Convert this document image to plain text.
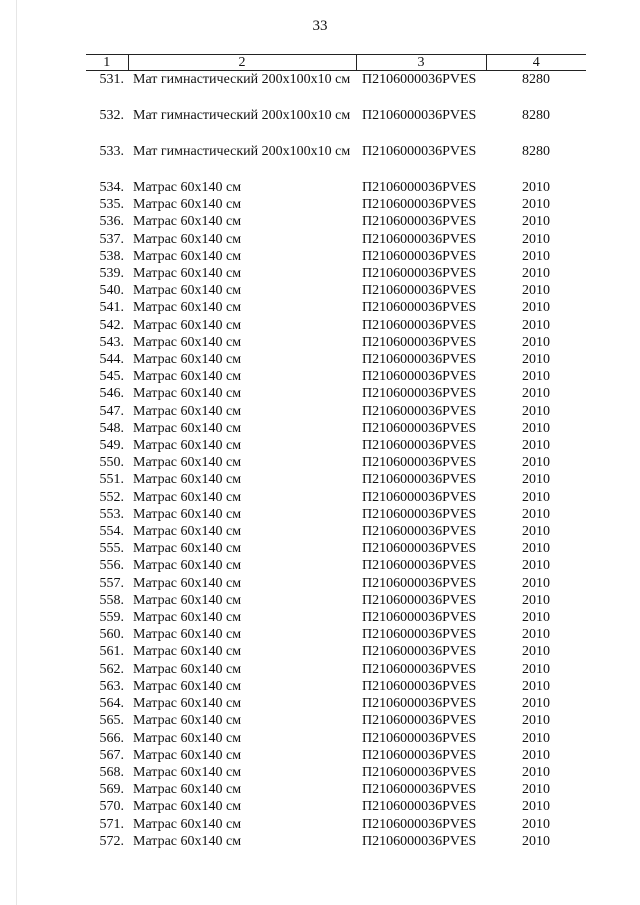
33
1	2	3	4
531.	Мат гимнастический 200х100х10 см	П2106000036PVES	8280
532.	Мат гимнастический 200х100х10 см	П2106000036PVES	8280
533.	Мат гимнастический 200х100х10 см	П2106000036PVES	8280
534.	Матрас 60х140 см	П2106000036PVES	2010
535.	Матрас 60х140 см	П2106000036PVES	2010
536.	Матрас 60х140 см	П2106000036PVES	2010
537.	Матрас 60х140 см	П2106000036PVES	2010
538.	Матрас 60х140 см	П2106000036PVES	2010
539.	Матрас 60х140 см	П2106000036PVES	2010
540.	Матрас 60х140 см	П2106000036PVES	2010
541.	Матрас 60х140 см	П2106000036PVES	2010
542.	Матрас 60х140 см	П2106000036PVES	2010
543.	Матрас 60х140 см	П2106000036PVES	2010
544.	Матрас 60х140 см	П2106000036PVES	2010
545.	Матрас 60х140 см	П2106000036PVES	2010
546.	Матрас 60х140 см	П2106000036PVES	2010
547.	Матрас 60х140 см	П2106000036PVES	2010
548.	Матрас 60х140 см	П2106000036PVES	2010
549.	Матрас 60х140 см	П2106000036PVES	2010
550.	Матрас 60х140 см	П2106000036PVES	2010
551.	Матрас 60х140 см	П2106000036PVES	2010
552.	Матрас 60х140 см	П2106000036PVES	2010
553.	Матрас 60х140 см	П2106000036PVES	2010
554.	Матрас 60х140 см	П2106000036PVES	2010
555.	Матрас 60х140 см	П2106000036PVES	2010
556.	Матрас 60х140 см	П2106000036PVES	2010
557.	Матрас 60х140 см	П2106000036PVES	2010
558.	Матрас 60х140 см	П2106000036PVES	2010
559.	Матрас 60х140 см	П2106000036PVES	2010
560.	Матрас 60х140 см	П2106000036PVES	2010
561.	Матрас 60х140 см	П2106000036PVES	2010
562.	Матрас 60х140 см	П2106000036PVES	2010
563.	Матрас 60х140 см	П2106000036PVES	2010
564.	Матрас 60х140 см	П2106000036PVES	2010
565.	Матрас 60х140 см	П2106000036PVES	2010
566.	Матрас 60х140 см	П2106000036PVES	2010
567.	Матрас 60х140 см	П2106000036PVES	2010
568.	Матрас 60х140 см	П2106000036PVES	2010
569.	Матрас 60х140 см	П2106000036PVES	2010
570.	Матрас 60х140 см	П2106000036PVES	2010
571.	Матрас 60х140 см	П2106000036PVES	2010
572.	Матрас 60х140 см	П2106000036PVES	2010
